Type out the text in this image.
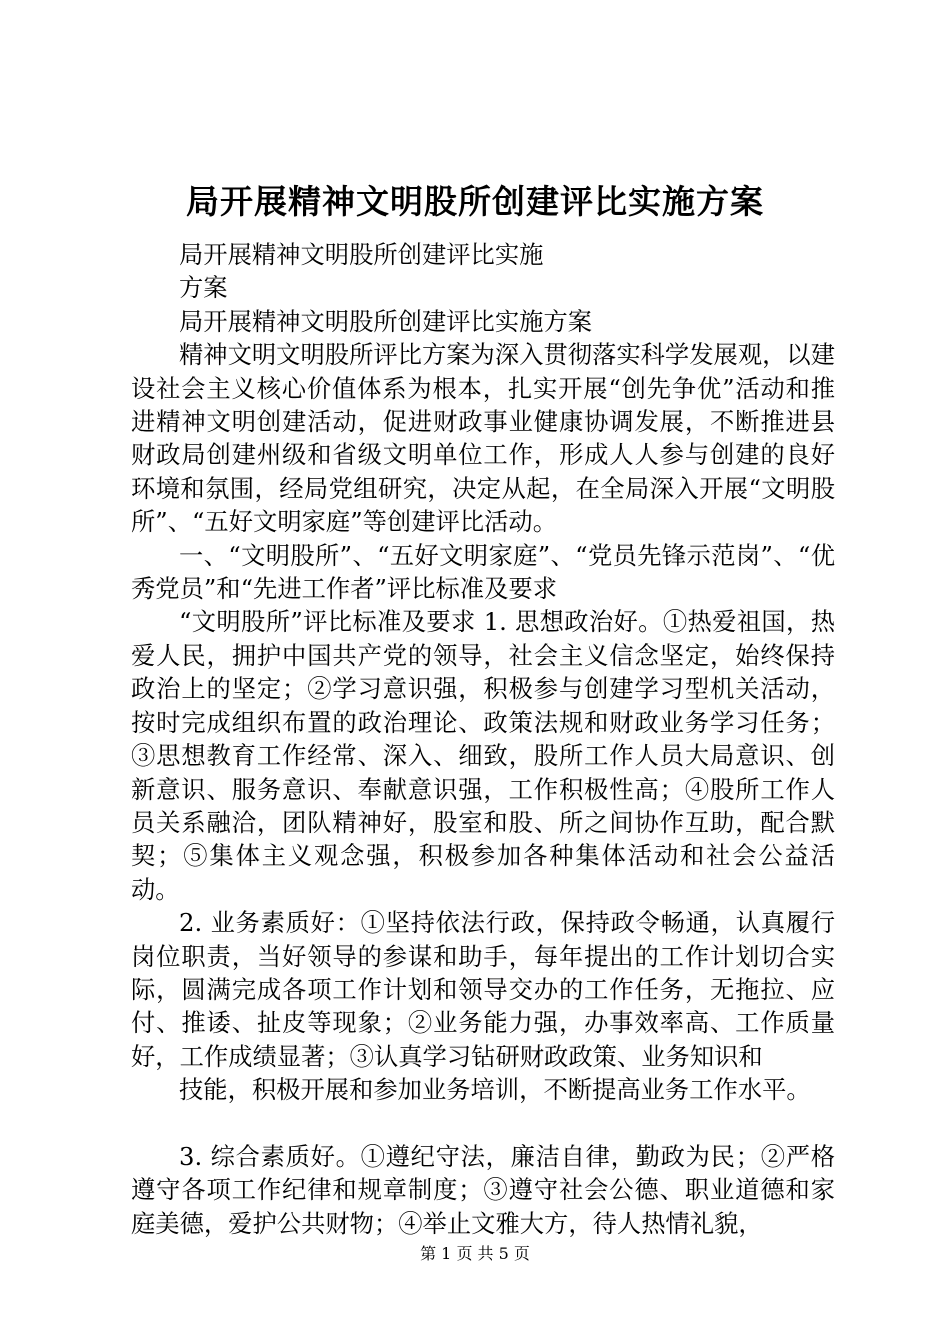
局开展精神文明股所创建评比实施方案

局开展精神文明股所创建评比实施

方案

局开展精神文明股所创建评比实施方案

精神文明文明股所评比方案为深入贯彻落实科学发展观，以建设社会主义核心价值体系为根本，扎实开展“创先争优”活动和推进精神文明创建活动，促进财政事业健康协调发展，不断推进县财政局创建州级和省级文明单位工作，形成人人参与创建的良好环境和氛围，经局党组研究，决定从起，在全局深入开展“文明股所”、“五好文明家庭”等创建评比活动。

一、“文明股所”、“五好文明家庭”、“党员先锋示范岗”、“优秀党员”和“先进工作者”评比标准及要求

“文明股所”评比标准及要求 1. 思想政治好。①热爱祖国，热爱人民，拥护中国共产党的领导，社会主义信念坚定，始终保持政治上的坚定；②学习意识强，积极参与创建学习型机关活动，按时完成组织布置的政治理论、政策法规和财政业务学习任务；③思想教育工作经常、深入、细致，股所工作人员大局意识、创新意识、服务意识、奉献意识强，工作积极性高；④股所工作人员关系融洽，团队精神好，股室和股、所之间协作互助，配合默契；⑤集体主义观念强，积极参加各种集体活动和社会公益活动。

2. 业务素质好：①坚持依法行政，保持政令畅通，认真履行岗位职责，当好领导的参谋和助手，每年提出的工作计划切合实际，圆满完成各项工作计划和领导交办的工作任务，无拖拉、应付、推诿、扯皮等现象；②业务能力强，办事效率高、工作质量好，工作成绩显著；③认真学习钻研财政政策、业务知识和

技能，积极开展和参加业务培训，不断提高业务工作水平。

3. 综合素质好。①遵纪守法，廉洁自律，勤政为民；②严格遵守各项工作纪律和规章制度；③遵守社会公德、职业道德和家庭美德，爱护公共财物；④举止文雅大方，待人热情礼貌，

第 1 页 共 5 页
